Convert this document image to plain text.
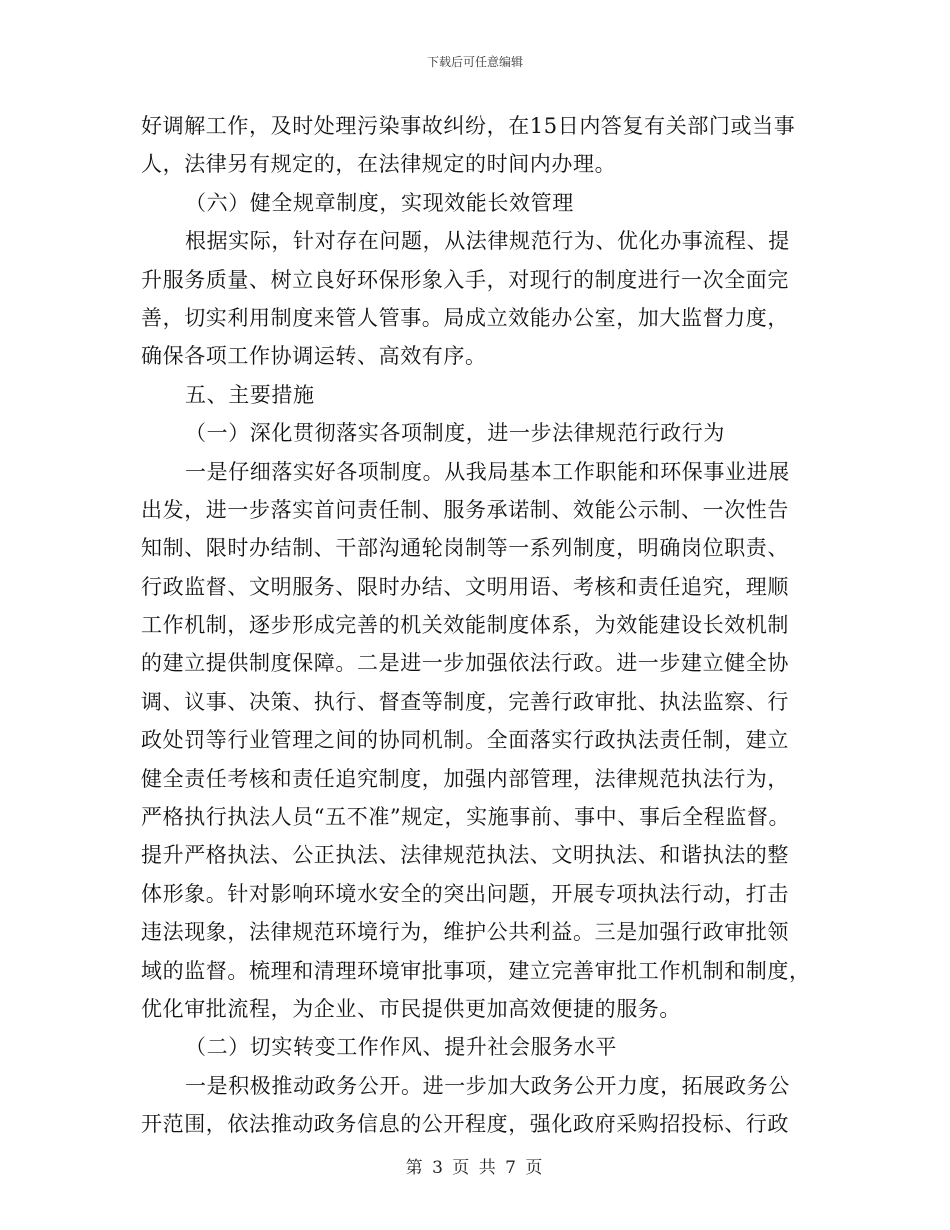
下载后可任意编辑
好调解工作，及时处理污染事故纠纷，在15日内答复有关部门或当事
人，法律另有规定的，在法律规定的时间内办理。
（六）健全规章制度，实现效能长效管理
根据实际，针对存在问题，从法律规范行为、优化办事流程、提
升服务质量、树立良好环保形象入手，对现行的制度进行一次全面完
善，切实利用制度来管人管事。局成立效能办公室，加大监督力度，
确保各项工作协调运转、高效有序。
五、主要措施
（一）深化贯彻落实各项制度，进一步法律规范行政行为
一是仔细落实好各项制度。从我局基本工作职能和环保事业进展
出发，进一步落实首问责任制、服务承诺制、效能公示制、一次性告
知制、限时办结制、干部沟通轮岗制等一系列制度，明确岗位职责、
行政监督、文明服务、限时办结、文明用语、考核和责任追究，理顺
工作机制，逐步形成完善的机关效能制度体系，为效能建设长效机制
的建立提供制度保障。二是进一步加强依法行政。进一步建立健全协
调、议事、决策、执行、督查等制度，完善行政审批、执法监察、行
政处罚等行业管理之间的协同机制。全面落实行政执法责任制，建立
健全责任考核和责任追究制度，加强内部管理，法律规范执法行为，
严格执行执法人员“五不准”规定，实施事前、事中、事后全程监督。
提升严格执法、公正执法、法律规范执法、文明执法、和谐执法的整
体形象。针对影响环境水安全的突出问题，开展专项执法行动，打击
违法现象，法律规范环境行为，维护公共利益。三是加强行政审批领
域的监督。梳理和清理环境审批事项，建立完善审批工作机制和制度，
优化审批流程，为企业、市民提供更加高效便捷的服务。
（二）切实转变工作作风、提升社会服务水平
一是积极推动政务公开。进一步加大政务公开力度，拓展政务公
开范围，依法推动政务信息的公开程度，强化政府采购招投标、行政
第 3 页 共 7 页
